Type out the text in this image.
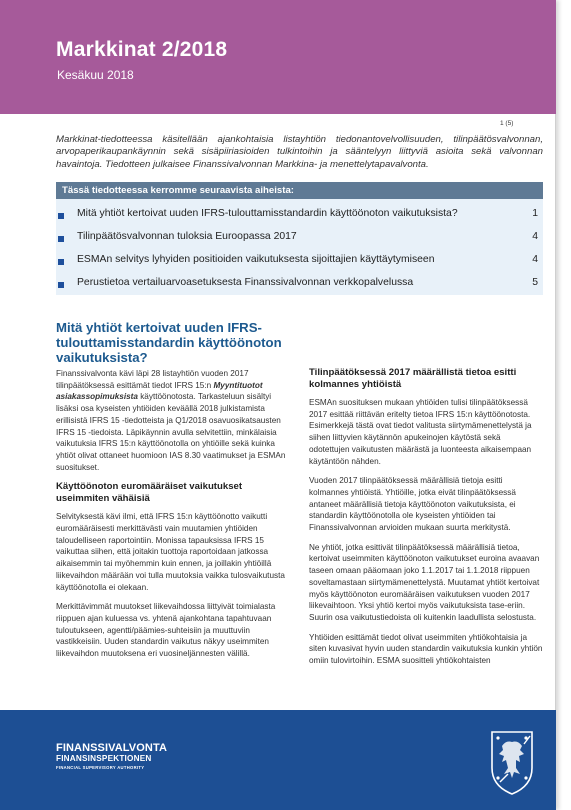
Markkinat 2/2018
Kesäkuu 2018
1 (5)
Markkinat-tiedotteessa käsitellään ajankohtaisia listayhtiön tiedonantovelvollisuuden, tilinpäätösvalvonnan, arvopaperikaupankäynnin sekä sisäpiiriasioiden tulkintoihin ja sääntelyyn liittyviä asioita sekä valvonnan havaintoja. Tiedotteen julkaisee Finanssivalvonnan Markkina- ja menettelytapavalvonta.
Tässä tiedotteessa kerromme seuraavista aiheista:
Mitä yhtiöt kertoivat uuden IFRS-tulouttamisstandardin käyttöönoton vaikutuksista?	1
Tilinpäätösvalvonnan tuloksia Euroopassa 2017	4
ESMAn selvitys lyhyiden positioiden vaikutuksesta sijoittajien käyttäytymiseen	4
Perustietoa vertailuarvoasetuksesta Finanssivalvonnan verkkopalvelussa	5
Mitä yhtiöt kertoivat uuden IFRS-tulouttamisstandardin käyttöönoton vaikutuksista?

Finanssivalvonta kävi läpi 28 listayhtiön vuoden 2017 tilinpäätöksessä esittämät tiedot IFRS 15:n Myyntituotot asiakassopimuksista käyttöönotosta. Tarkasteluun sisältyi lisäksi osa kyseisten yhtiöiden keväällä 2018 julkistamista erillisistä IFRS 15 -tiedotteista ja Q1/2018 osavuosikatsausten IFRS 15 -tiedoista. Läpikäynnin avulla selvitettiin, minkälaisia vaikutuksia IFRS 15:n käyttöönotolla on yhtiöille sekä kuinka yhtiöt olivat ottaneet huomioon IAS 8.30 vaatimukset ja ESMAn suositukset.

Käyttöönoton euromääräiset vaikutukset useimmiten vähäisiä

Selvityksestä kävi ilmi, että IFRS 15:n käyttöönotto vaikutti euromääräisesti merkittävästi vain muutamien yhtiöiden taloudelliseen raportointiin. Monissa tapauksissa IFRS 15 vaikuttaa siihen, että joitakin tuottoja raportoidaan jatkossa aikaisemmin tai myöhemmin kuin ennen, ja joillakin yhtiöillä liikevaihdon määrään voi tulla muutoksia vaikka tulosvaikutusta käyttöönotolla ei olekaan.

Merkittävimmät muutokset liikevaihdossa liittyivät toimialasta riippuen ajan kuluessa vs. yhtenä ajankohtana tapahtuvaan tuloutukseen, agentti/päämies-suhteisiin ja muuttuviin vastikkeisiin. Uuden standardin vaikutus näkyy useimmiten liikevaihdon muutoksena eri vuosineljännesten välillä.

Tilinpäätöksessä 2017 määrällistä tietoa esitti kolmannes yhtiöistä

ESMAn suosituksen mukaan yhtiöiden tulisi tilinpäätöksessä 2017 esittää riittävän eritelty tietoa IFRS 15:n käyttöönotosta. Esimerkkejä tästä ovat tiedot valitusta siirtymämenettelystä ja siihen liittyvien käytännön apukeinojen käytöstä sekä odotettujen vaikutusten määrästä ja luonteesta aikaisempaan käytäntöön nähden.

Vuoden 2017 tilinpäätöksessä määrällisiä tietoja esitti kolmannes yhtiöistä. Yhtiöille, jotka eivät tilinpäätöksessä antaneet määrällisiä tietoja käyttöönoton vaikutuksista, ei standardin käyttöönotolla ole kyseisten yhtiöiden tai Finanssivalvonnan arvioiden mukaan suurta merkitystä.

Ne yhtiöt, jotka esittivät tilinpäätöksessä määrällisiä tietoa, kertoivat useimmiten käyttöönoton vaikutukset euroina avaavan taseen omaan pääomaan joko 1.1.2017 tai 1.1.2018 riippuen soveltamastaan siirtymämenettelystä. Muutamat yhtiöt kertoivat myös käyttöönoton euromääräisen vaikutuksen vuoden 2017 liikevaihtoon. Yksi yhtiö kertoi myös vaikutuksista tase-eriin. Suurin osa vaikutustiedoista oli kuitenkin laadullista selostusta.

Yhtiöiden esittämät tiedot olivat useimmiten yhtiökohtaisia ja siten kuvasivat hyvin uuden standardin vaikutuksia kunkin yhtiön omiin tulovirtoihin. ESMA suositteli yhtiökohtaisten

FINANSSIVALVONTA
FINANSINSPEKTIONEN
FINANCIAL SUPERVISORY AUTHORITY
